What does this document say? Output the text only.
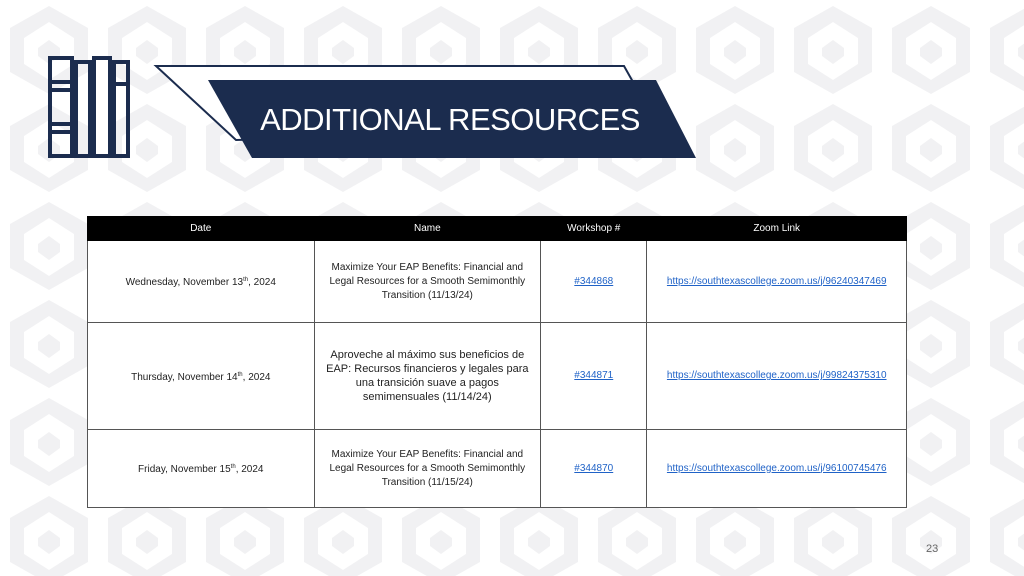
ADDITIONAL RESOURCES
Date	Name	Workshop #	Zoom Link
Wednesday, November 13th, 2024	Maximize Your EAP Benefits: Financial and Legal Resources for a Smooth Semimonthly Transition (11/13/24)	#344868	https://southtexascollege.zoom.us/j/96240347469
Thursday, November 14th, 2024	Aproveche al máximo sus beneficios de EAP: Recursos financieros y legales para una transición suave a pagos semimensuales (11/14/24)	#344871	https://southtexascollege.zoom.us/j/99824375310
Friday, November 15th, 2024	Maximize Your EAP Benefits: Financial and Legal Resources for a Smooth Semimonthly Transition (11/15/24)	#344870	https://southtexascollege.zoom.us/j/96100745476
23
